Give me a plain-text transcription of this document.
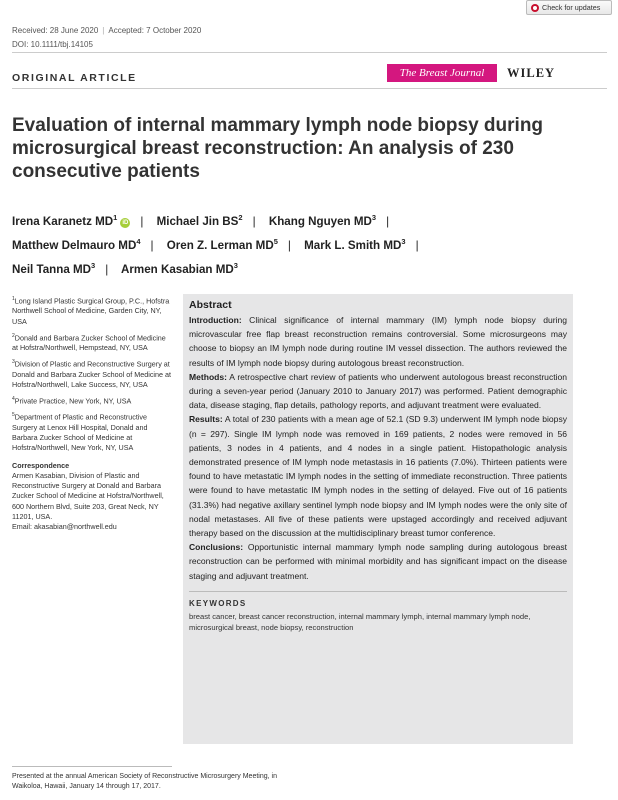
Check for updates
Received: 28 June 2020 | Accepted: 7 October 2020
DOI: 10.1111/tbj.14105
ORIGINAL ARTICLE	The Breast Journal WILEY
Evaluation of internal mammary lymph node biopsy during microsurgical breast reconstruction: An analysis of 230 consecutive patients
Irena Karanetz $MD^1iD$ | Michael Jin $BS^2$ | Khang Nguyen $MD^3$ |
Matthew Delmauro $MD^4$ | Oren Z. Lerman $MD^5$ | Mark L. Smith $MD^3$ |
Neil Tanna $MD^3$ | Armen Kasabian $MD^3$

$^1$Long Island Plastic Surgical Group, P.C., Hofstra Northwell School of Medicine, Garden City, NY, USA

$^2$Donald and Barbara Zucker School of Medicine at Hofstra/Northwell, Hempstead, NY, USA

$^3$Division of Plastic and Reconstructive Surgery at Donald and Barbara Zucker School of Medicine at Hofstra/Northwell, Lake Success, NY, USA

$^4$Private Practice, New York, NY, USA

$^5$Department of Plastic and Reconstructive Surgery at Lenox Hill Hospital, Donald and Barbara Zucker School of Medicine at Hofstra/Northwell, New York, NY, USA

Correspondence

Armen Kasabian, Division of Plastic and Reconstructive Surgery at Donald and Barbara Zucker School of Medicine at Hofstra/Northwell, 600 Northern Blvd, Suite 203, Great Neck, NY 11201, USA.
Email: akasabian@northwell.edu

Abstract

Introduction: Clinical significance of internal mammary (IM) lymph node biopsy during microvascular free flap breast reconstruction remains controversial. Some microsurgeons may choose to biopsy an IM lymph node during routine IM vessel dissection. The authors reviewed the results of IM lymph node biopsy during autologous breast reconstruction.

Methods: A retrospective chart review of patients who underwent autologous breast reconstruction during a seven-year period (January 2010 to January 2017) was performed. Patient demographic data, disease staging, flap details, pathology reports, and adjuvant treatment were evaluated.

Results: A total of 230 patients with a mean age of 52.1 (SD 9.3) underwent IM lymph node biopsy (n = 297). Single IM lymph node was removed in 169 patients, 2 nodes were removed in 56 patients, 3 nodes in 4 patients, and 4 nodes in a single patient. Histopathologic analysis demonstrated presence of IM lymph node metastasis in 16 patients (7.0%). Thirteen patients were found to have metastatic IM lymph nodes in the setting of immediate reconstruction. Three patients were found to have metastatic IM lymph nodes in the setting of delayed. Five out of 16 patients (31.3%) had negative axillary sentinel lymph node biopsy and IM lymph nodes were the only site of nodal metastases. All five of these patients were upstaged accordingly and received adjuvant therapy based on the discussion at the multidisciplinary breast tumor conference.

Conclusions: Opportunistic internal mammary lymph node sampling during autologous breast reconstruction can be performed with minimal morbidity and has significant impact on the disease staging and adjuvant treatment.

KEYWORDS
breast cancer, breast cancer reconstruction, internal mammary lymph, internal mammary lymph node, microsurgical breast, node biopsy, reconstruction
Presented at the annual American Society of Reconstructive Microsurgery Meeting, in Waikoloa, Hawaii, January 14 through 17, 2017.
